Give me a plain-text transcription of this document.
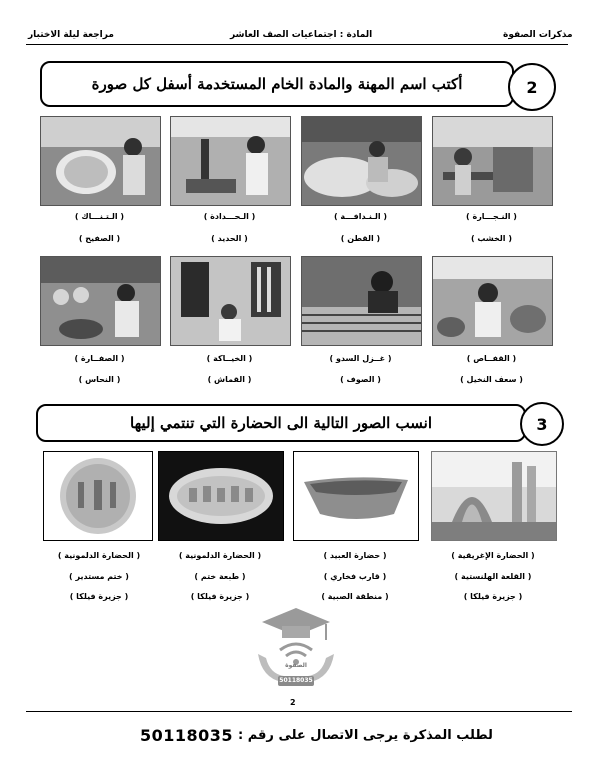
مراجعة ليلة الاختبار	المادة : اجتماعيات الصف العاشر	مذكرات الصفوة
أكتب اسم المهنة والمادة الخام المستخدمة أسفل كل صورة	2
( النـجـــارة )
( الخشب )
( الـنـدافـــة )
( القطن )
( الـحـــدادة )
( الحديد )
( الـتـنـــاك )
( الصفيح )
( القفــاص )
( سعف النخيل )
( غــزل السدو )
( الصوف )
( الخيــاكة )
( القماش )
( الصفــارة )
( النحاس )
انسب الصور التالية الى الحضارة التي تنتمي إليها	3
( الحضارة الإغريقية )
( القلعة الهلنستية )
( جزيرة فيلكا )
( حضارة العبيد )
( قارب فخاري )
( منطقة الصبية )
( الحضارة الدلمونية )
( طبعة ختم )
( جزيرة فيلكا )
( الحضارة الدلمونية )
( ختم مستدير )
( جزيرة فيلكا )
الصفوة
50118035
2
لطلب المذكرة يرجى الاتصال على رقم :
50118035
